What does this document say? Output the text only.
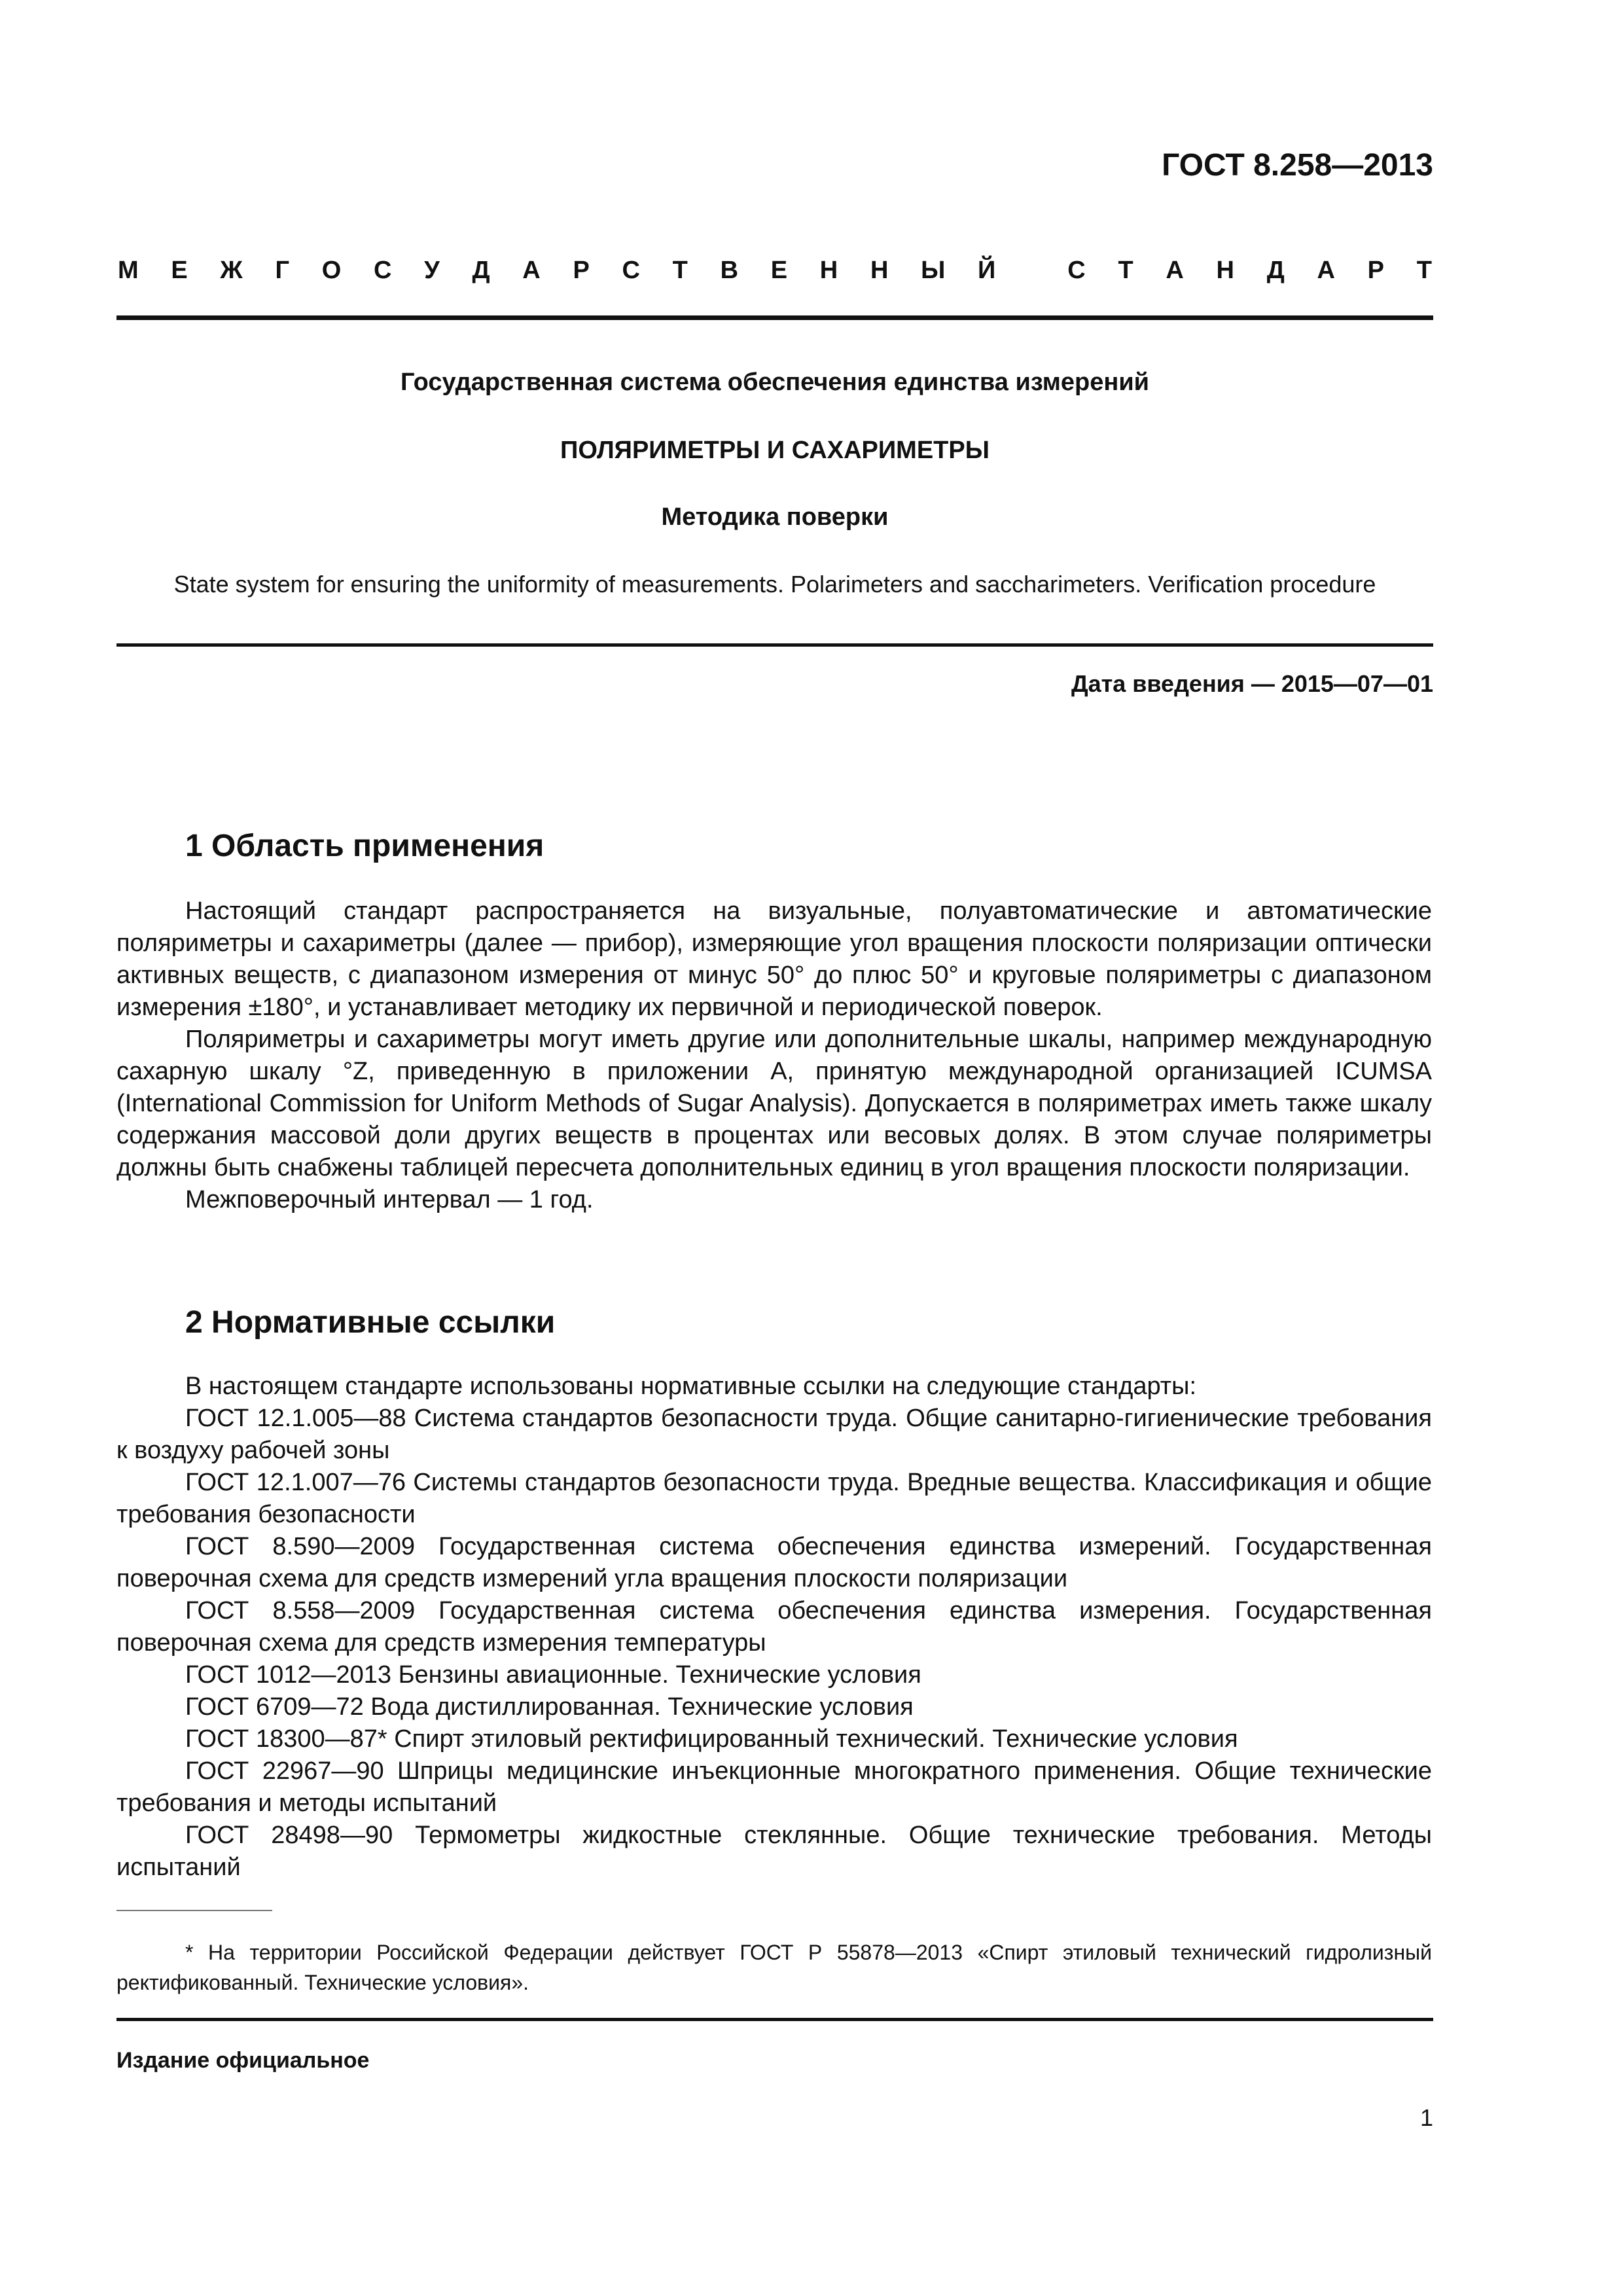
ГОСТ 8.258—2013
М Е Ж Г О С У Д А Р С Т В Е Н Н Ы Й
	С Т А Н Д А Р Т
Государственная система обеспечения единства измерений
ПОЛЯРИМЕТРЫ И САХАРИМЕТРЫ
Методика поверки
State system for ensuring the uniformity of measurements. Polarimeters and saccharimeters. Verification procedure
Дата введения — 2015—07—01
1 Область применения

Настоящий стандарт распространяется на визуальные, полуавтоматические и автоматические поляриметры и сахариметры (далее — прибор), измеряющие угол вращения плоскости поляризации оптически активных веществ, с диапазоном измерения от минус 50° до плюс 50° и круговые поляриметры с диапазоном измерения ±180°, и устанавливает методику их первичной и периодической поверок.

Поляриметры и сахариметры могут иметь другие или дополнительные шкалы, например международную сахарную шкалу °Z, приведенную в приложении А, принятую международной организацией ICUMSA (International Commission for Uniform Methods of Sugar Analysis). Допускается в поляриметрах иметь также шкалу содержания массовой доли других веществ в процентах или весовых долях. В этом случае поляриметры должны быть снабжены таблицей пересчета дополнительных единиц в угол вращения плоскости поляризации.

Межповерочный интервал — 1 год.

2 Нормативные ссылки

В настоящем стандарте использованы нормативные ссылки на следующие стандарты:

ГОСТ 12.1.005—88 Система стандартов безопасности труда. Общие санитарно-гигиенические требования к воздуху рабочей зоны

ГОСТ 12.1.007—76 Системы стандартов безопасности труда. Вредные вещества. Классификация и общие требования безопасности

ГОСТ 8.590—2009 Государственная система обеспечения единства измерений. Государственная поверочная схема для средств измерений угла вращения плоскости поляризации

ГОСТ 8.558—2009 Государственная система обеспечения единства измерения. Государственная поверочная схема для средств измерения температуры

ГОСТ 1012—2013 Бензины авиационные. Технические условия

ГОСТ 6709—72 Вода дистиллированная. Технические условия

ГОСТ 18300—87* Спирт этиловый ректифицированный технический. Технические условия

ГОСТ 22967—90 Шприцы медицинские инъекционные многократного применения. Общие технические требования и методы испытаний

ГОСТ 28498—90 Термометры жидкостные стеклянные. Общие технические требования. Методы испытаний

* На территории Российской Федерации действует ГОСТ Р 55878—2013 «Спирт этиловый технический гидролизный ректификованный. Технические условия».
Издание официальное
1
